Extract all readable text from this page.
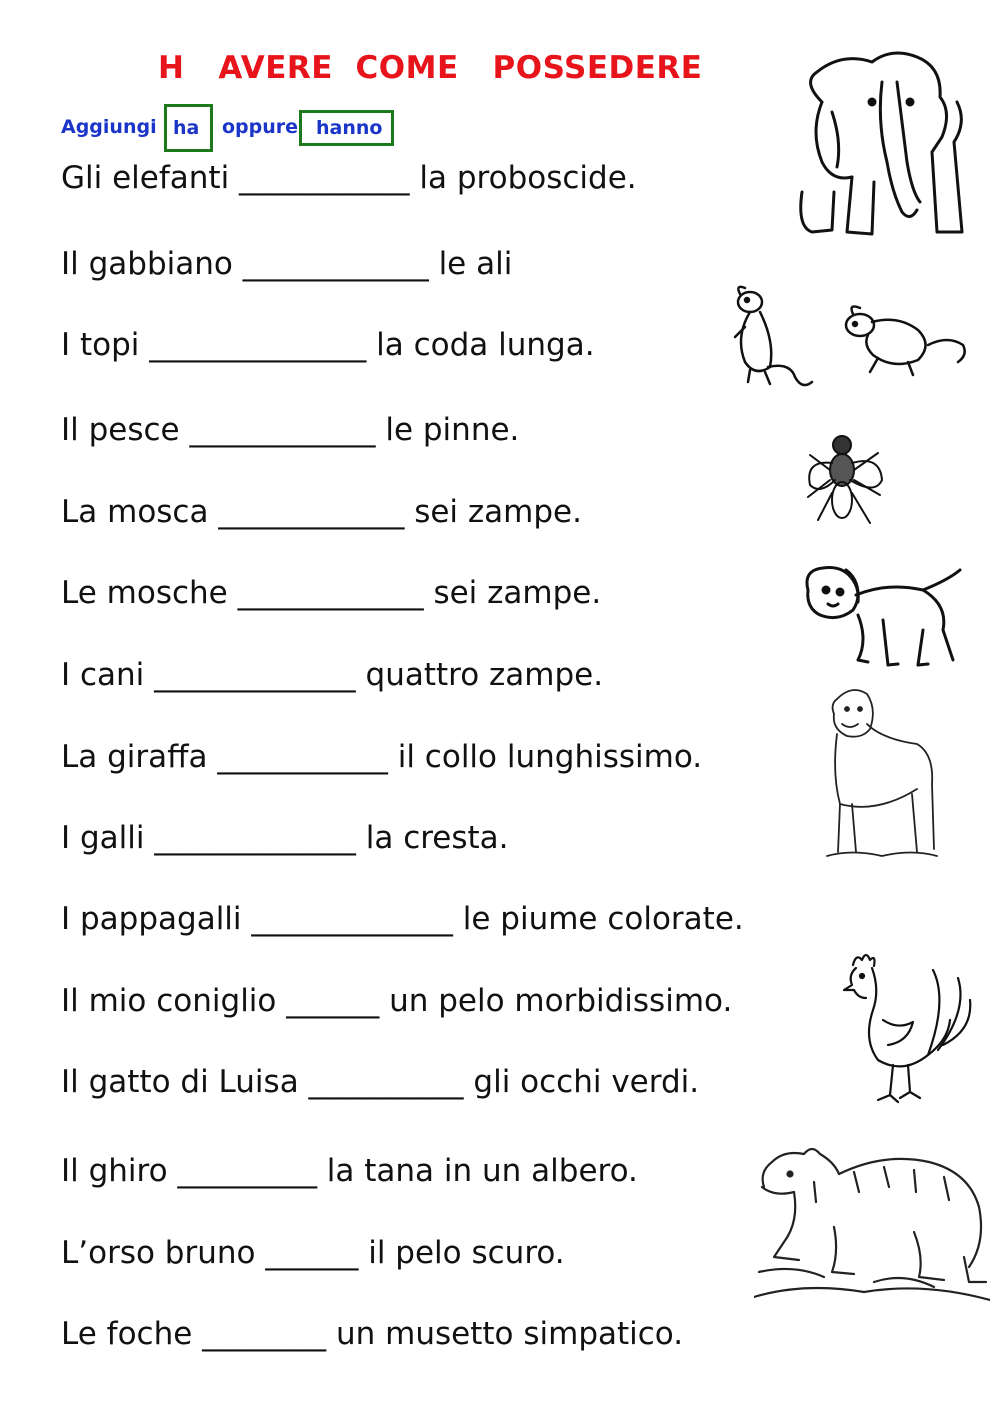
H   AVERE  COME   POSSEDERE
Aggiungi ha	oppure hanno
Gli elefanti ___________ la proboscide.
Il gabbiano ____________ le ali
I topi ______________ la coda lunga.
Il pesce ____________ le pinne.
La mosca ____________ sei zampe.
Le mosche ____________ sei zampe.
I cani _____________ quattro zampe.
La giraffa ___________ il collo lunghissimo.
I galli _____________ la cresta.
I pappagalli _____________ le piume colorate.
Il mio coniglio ______ un pelo morbidissimo.
Il gatto di Luisa __________ gli occhi verdi.
Il ghiro _________ la tana in un albero.
L’orso bruno ______ il pelo scuro.
Le foche ________ un musetto simpatico.
